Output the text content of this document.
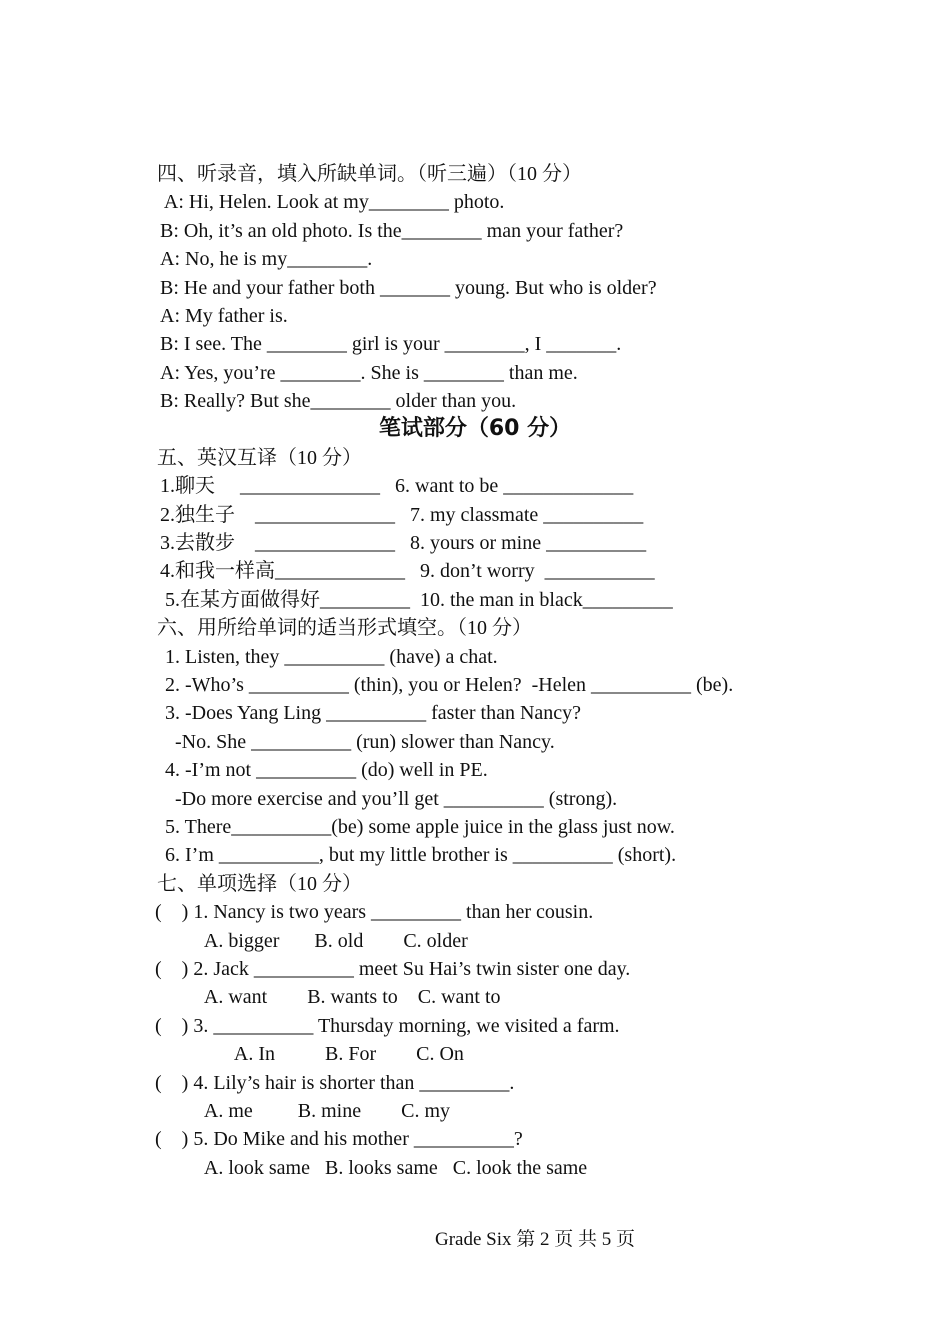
四、听录音，填入所缺单词。（听三遍）（10 分）
A: Hi, Helen. Look at my________ photo.
B: Oh, it’s an old photo. Is the________ man your father?
A: No, he is my________.
B: He and your father both _______ young. But who is older?
A: My father is.
B: I see. The ________ girl is your ________, I _______.
A: Yes, you’re ________. She is ________ than me.
B: Really? But she________ older than you.
笔试部分（60 分）
五、英汉互译（10 分）
1.聊天     ______________   6. want to be _____________
2.独生子    ______________   7. my classmate __________
3.去散步    ______________   8. yours or mine __________
4.和我一样高_____________   9. don’t worry  ___________
5.在某方面做得好_________  10. the man in black_________
六、用所给单词的适当形式填空。（10 分）
1. Listen, they __________ (have) a chat.
2. -Who’s __________ (thin), you or Helen?  -Helen __________ (be).
3. -Does Yang Ling __________ faster than Nancy?
-No. She __________ (run) slower than Nancy.
4. -I’m not __________ (do) well in PE.
-Do more exercise and you’ll get __________ (strong).
5. There__________(be) some apple juice in the glass just now.
6. I’m __________, but my little brother is __________ (short).
七、单项选择（10 分）
(    ) 1. Nancy is two years _________ than her cousin.
A. bigger       B. old        C. older
(    ) 2. Jack __________ meet Su Hai’s twin sister one day.
A. want        B. wants to    C. want to
(    ) 3. __________ Thursday morning, we visited a farm.
A. In          B. For        C. On
(    ) 4. Lily’s hair is shorter than _________.
A. me         B. mine        C. my
(    ) 5. Do Mike and his mother __________?
A. look same   B. looks same   C. look the same
Grade Six 第 2 页 共 5 页
